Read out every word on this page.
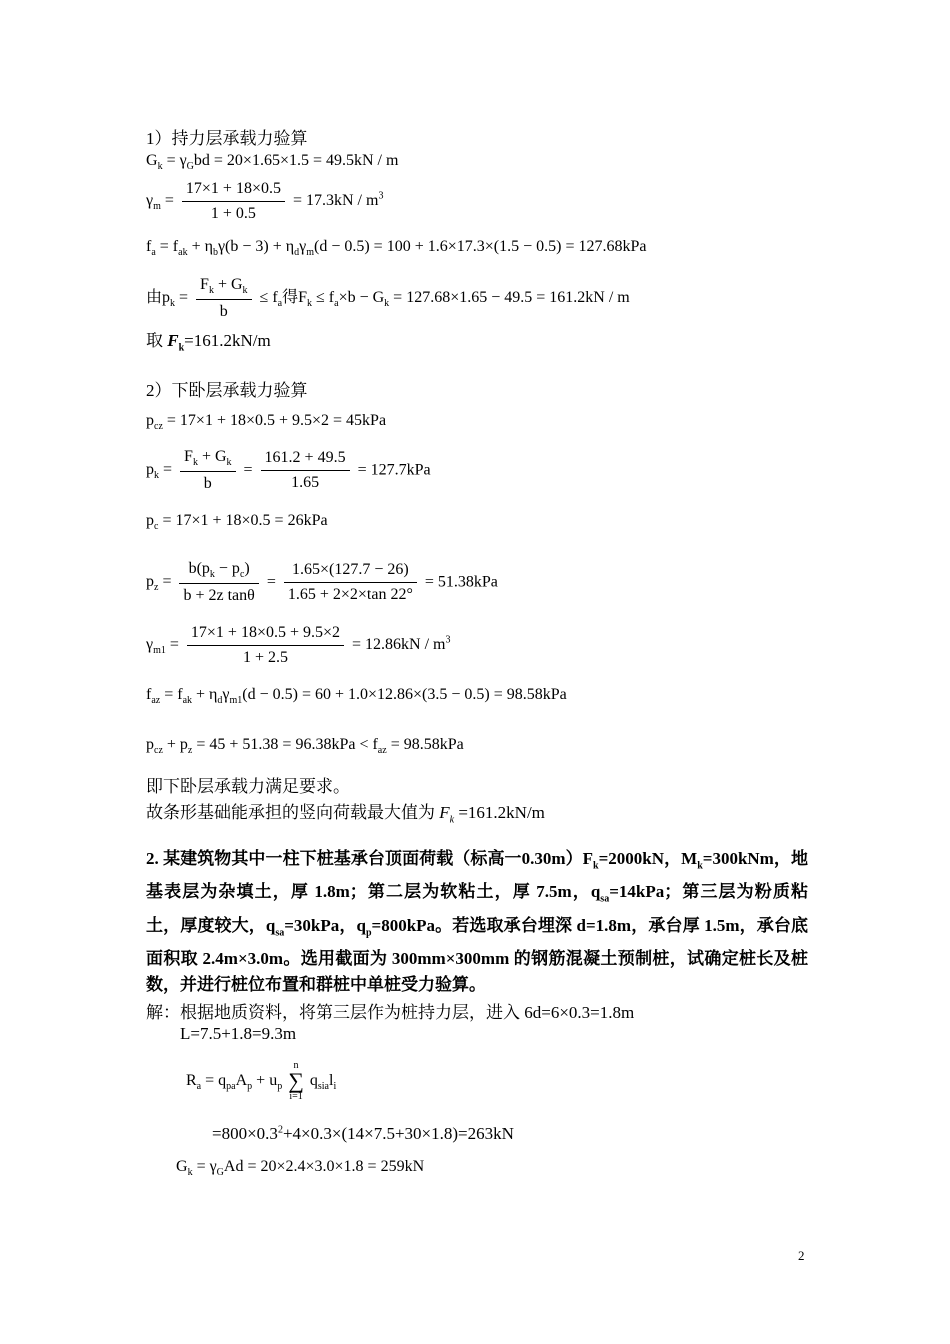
1）持力层承载力验算
$G_k = \gamma_Gbd = 20\times 1.65\times 1.5 = 49.5kN / m$
$\gamma_m = \frac{17\times 1 + 18\times 0.5}{1 + 0.5} = 17.3kN / m^3$
$f_a = f_{ak} + \eta_b\gamma(b - 3) + \eta_d\gamma_m(d - 0.5) = 100 + 1.6\times 17.3\times(1.5 - 0.5) = 127.68kPa$
由$p_k = \frac{F_k + G_k}{b} \le f_a$得$F_k \le f_a\times b - G_k = 127.68\times 1.65 - 49.5 = 161.2kN / m$
取 $F_k=161.2kN/m$
2）下卧层承载力验算
$p_{cz} = 17\times 1 + 18\times 0.5 + 9.5\times 2 = 45kPa$
$p_k = \frac{F_k + G_k}{b} = \frac{161.2 + 49.5}{1.65} = 127.7kPa$
$p_c = 17\times 1 + 18\times 0.5 = 26kPa$
$p_z = \frac{b(p_k - p_c)}{\text{b + 2z tanθ}} = \frac{1.65\times(127.7 - 26)}{1.65 + 2\times 2\times\tan 22^\circ} = 51.38kPa$
$\gamma_{m1} = \frac{17\times 1 + 18\times 0.5 + 9.5\times 2}{1 + 2.5} = 12.86kN / m^3$
$f_{az} = f_{ak} + \eta_d\gamma_{m1}(d - 0.5) = 60 + 1.0\times 12.86\times(3.5 - 0.5) = 98.58kPa$
$p_{cz} + p_z = 45 + 51.38 = 96.38kPa < f_{az} = 98.58kPa$
即下卧层承载力满足要求。
故条形基础能承担的竖向荷载最大值为 $F_k =161.2kN/m$
2. 某建筑物其中一柱下桩基承台顶面荷载（标高一$0.30m)F_k=2000kN$，$M_k=300kNm$，地基表层为杂填土，厚 1.8m；第二层为软粘土，厚 7.5m，$q_{sa}=14kPa$；第三层为粉质粘土，厚度较大，$q_{sa}=30kPa$，$q_p=800kPa$。若选取承台埋深 d=1.8m，承台厚 1.5m，承台底面积取 2.4m×3.0m。选用截面为 300mm×300mm 的钢筋混凝土预制桩，试确定桩长及桩数，并进行桩位布置和群桩中单桩受力验算。
解：根据地质资料，将第三层作为桩持力层，进入 6d=6×0.3=1.8m
L=7.5+1.8=9.3m
$R_a = q_{pa}A_p + u_p$ n
∑
i=1 $q_{sia}l_i$
$=800\times 0.3^2+4\times 0.3\times(14\times 7.5+30\times 1.8)=263kN$
$G_k = \gamma_GAd = 20\times 2.4\times 3.0\times 1.8 = 259kN$
2
